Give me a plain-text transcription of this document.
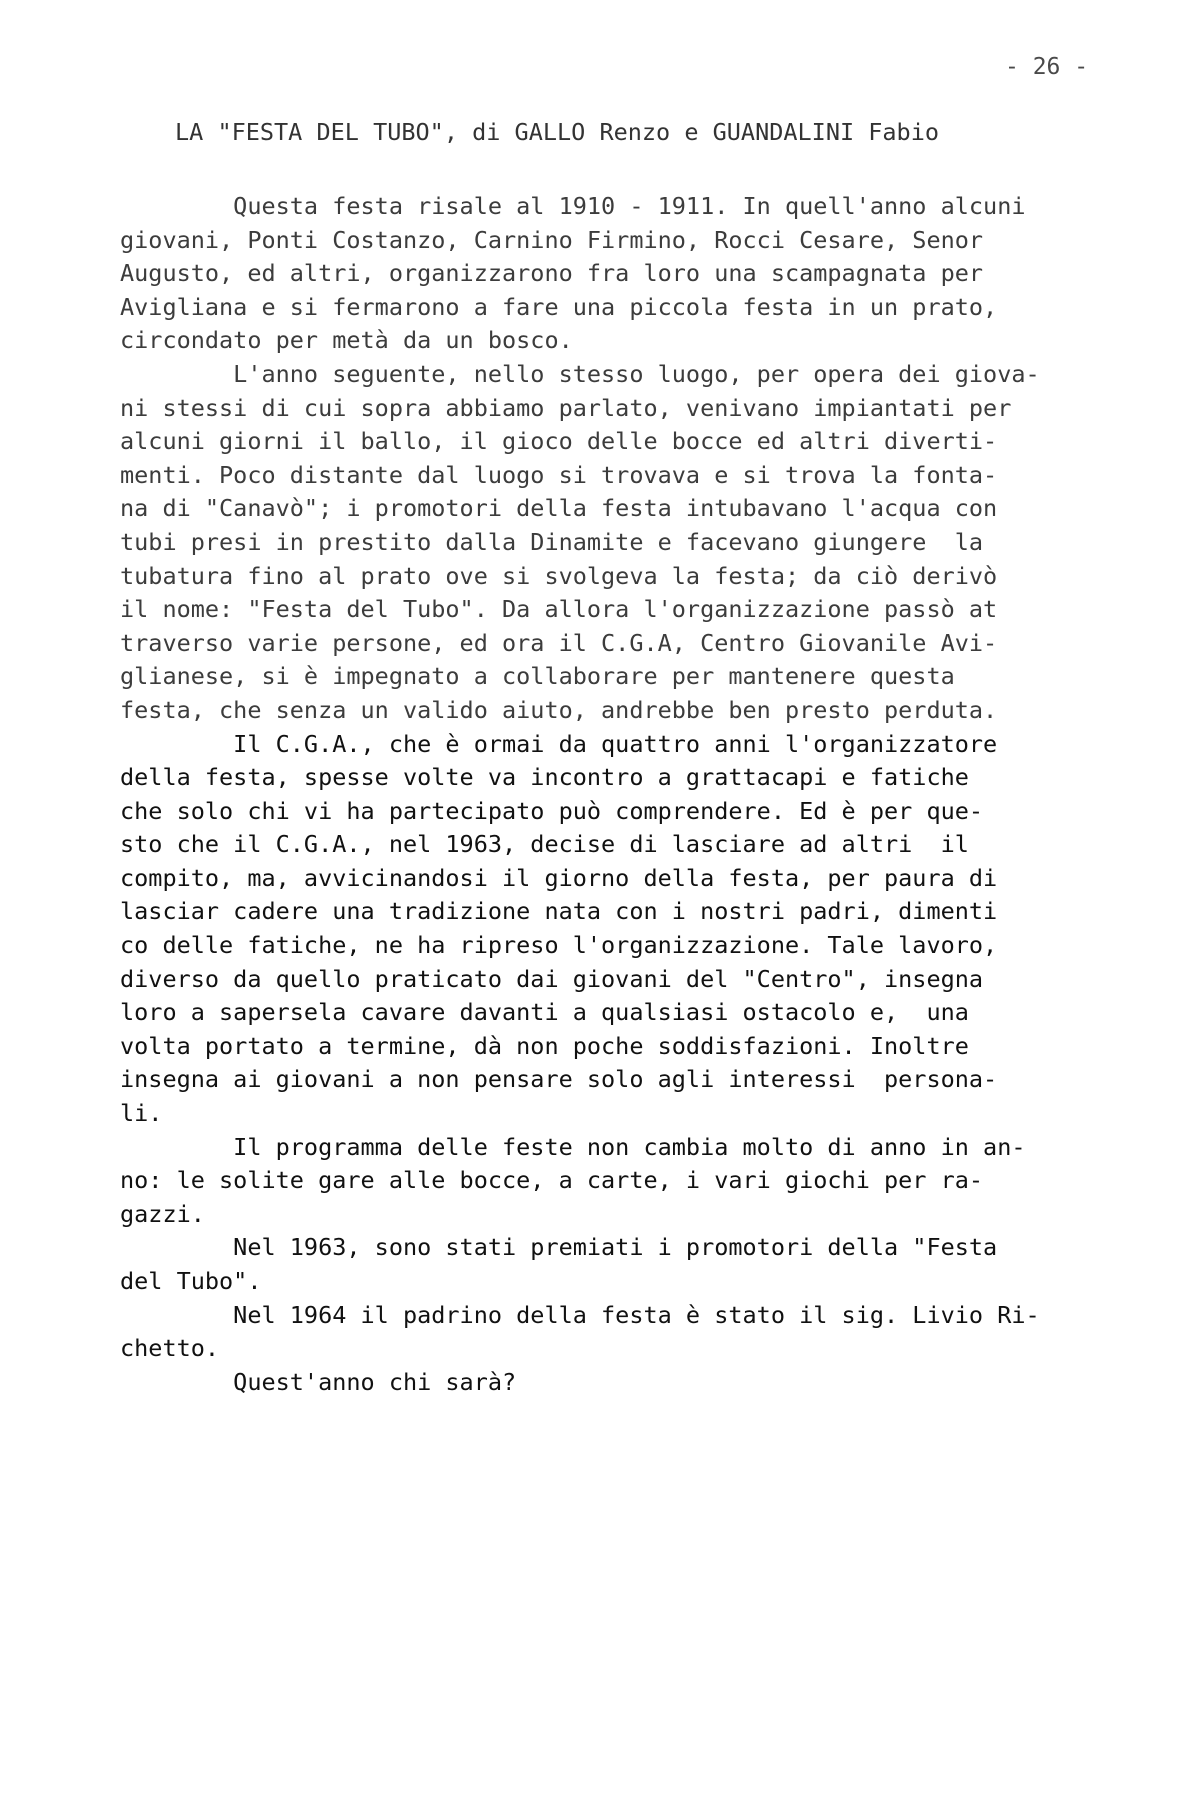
- 26 -
LA "FESTA DEL TUBO", di GALLO Renzo e GUANDALINI Fabio
Questa festa risale al 1910 - 1911. In quell'anno alcuni
giovani, Ponti Costanzo, Carnino Firmino, Rocci Cesare, Senor
Augusto, ed altri, organizzarono fra loro una scampagnata per
Avigliana e si fermarono a fare una piccola festa in un prato,
circondato per metà da un bosco.
L'anno seguente, nello stesso luogo, per opera dei giova-
ni stessi di cui sopra abbiamo parlato, venivano impiantati per
alcuni giorni il ballo, il gioco delle bocce ed altri diverti-
menti. Poco distante dal luogo si trovava e si trova la fonta-
na di "Canavò"; i promotori della festa intubavano l'acqua con
tubi presi in prestito dalla Dinamite e facevano giungere  la
tubatura fino al prato ove si svolgeva la festa; da ciò derivò
il nome: "Festa del Tubo". Da allora l'organizzazione passò at
traverso varie persone, ed ora il C.G.A, Centro Giovanile Avi-
glianese, si è impegnato a collaborare per mantenere questa
festa, che senza un valido aiuto, andrebbe ben presto perduta.
Il C.G.A., che è ormai da quattro anni l'organizzatore
della festa, spesse volte va incontro a grattacapi e fatiche
che solo chi vi ha partecipato può comprendere. Ed è per que-
sto che il C.G.A., nel 1963, decise di lasciare ad altri  il
compito, ma, avvicinandosi il giorno della festa, per paura di
lasciar cadere una tradizione nata con i nostri padri, dimenti
co delle fatiche, ne ha ripreso l'organizzazione. Tale lavoro,
diverso da quello praticato dai giovani del "Centro", insegna
loro a sapersela cavare davanti a qualsiasi ostacolo e,  una
volta portato a termine, dà non poche soddisfazioni. Inoltre
insegna ai giovani a non pensare solo agli interessi  persona-
li.
Il programma delle feste non cambia molto di anno in an-
no: le solite gare alle bocce, a carte, i vari giochi per ra-
gazzi.
Nel 1963, sono stati premiati i promotori della "Festa
del Tubo".
Nel 1964 il padrino della festa è stato il sig. Livio Ri-
chetto.
Quest'anno chi sarà?
